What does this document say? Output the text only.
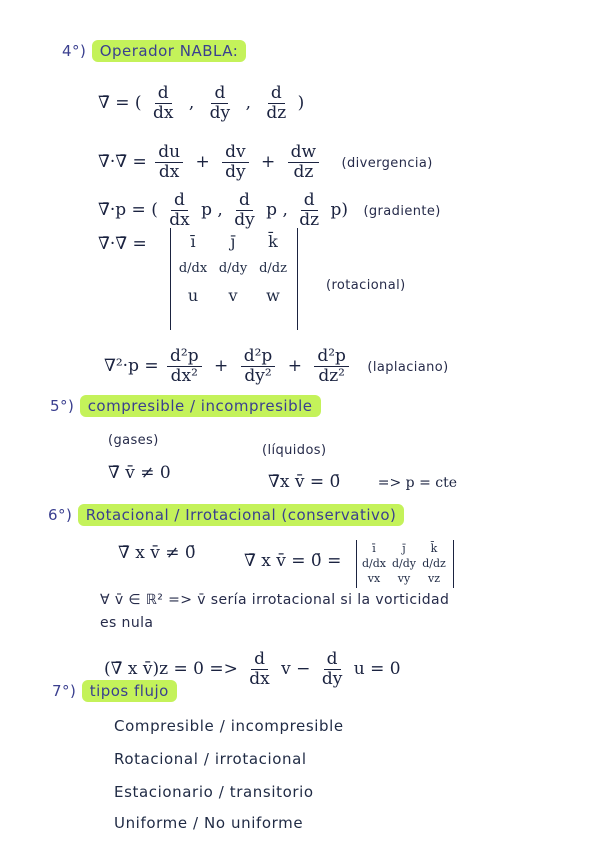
4°) Operador NABLA:
∇̄ = ( $\frac{d}{dx}$ , $\frac{d}{dy}$ , $\frac{d}{dz}$ )
∇̄·∇̄ = $\frac{du}{dx} + \frac{dv}{dy} + \frac{dw}{dz}$ (divergencia)
∇̄·p = ( $\frac{d}{dx}$ p , $\frac{d}{dy}$ p , $\frac{d}{dz} p$) (gradiente)
∇̄·∇̄ =	ī	j̄	k̄
d/dx d/dy d/dz
u	v	w
(rotacional)
$\nabla^2\cdot p = \frac{\text{d²p}}{\text{dx²}} + \frac{\text{d²p}}{\text{dy²}} + \frac{\text{d²p}}{\text{dz²}}$ (laplaciano)
5°) compresible / incompresible
(gases)
∇̄ v̄ ≠ 0
(líquidos)
∇̄x v̄ = 0̄	=> p = cte
6°) Rotacional / Irrotacional (conservativo)
∇̄ x v̄ ≠ 0̄	∇̄ x v̄ = 0̄ =
ī	j̄	k̄
d/dx d/dy d/dz
vx	vy	vz
∀ v̄ ∈ ℝ² => v̄ sería irrotacional si la vorticidad
es nula
(∇̄ x v̄)z = $0 => \frac{d}{dx}$ $v - \frac{d}{dy}$ u = 0
7°) tipos flujo
Compresible / incompresible
Rotacional / irrotacional
Estacionario / transitorio
Uniforme / No uniforme
